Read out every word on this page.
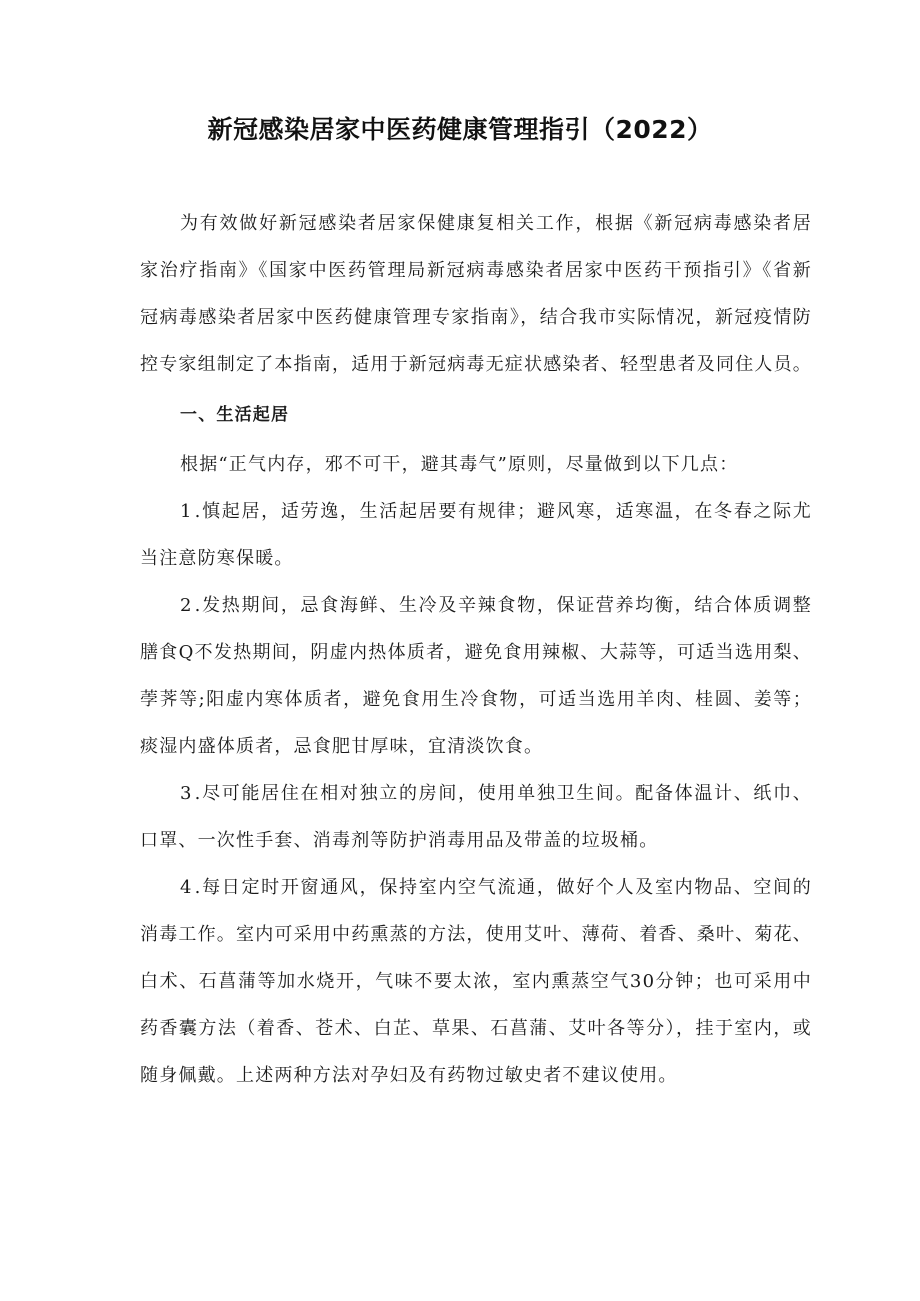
新冠感染居家中医药健康管理指引（2022）

为有效做好新冠感染者居家保健康复相关工作，根据《新冠病毒感染者居家治疗指南》《国家中医药管理局新冠病毒感染者居家中医药干预指引》《省新冠病毒感染者居家中医药健康管理专家指南》，结合我市实际情况，新冠疫情防控专家组制定了本指南，适用于新冠病毒无症状感染者、轻型患者及同住人员。

一、生活起居

根据“正气内存，邪不可干，避其毒气”原则，尽量做到以下几点：

1 .慎起居，适劳逸，生活起居要有规律；避风寒，适寒温，在冬春之际尤当注意防寒保暖。

2 .发热期间，忌食海鲜、生冷及辛辣食物，保证营养均衡，结合体质调整膳食Q不发热期间，阴虚内热体质者，避免食用辣椒、大蒜等，可适当选用梨、荸荠等;阳虚内寒体质者，避免食用生冷食物，可适当选用羊肉、桂圆、姜等；痰湿内盛体质者，忌食肥甘厚味，宜清淡饮食。

3 .尽可能居住在相对独立的房间，使用单独卫生间。配备体温计、纸巾、口罩、一次性手套、消毒剂等防护消毒用品及带盖的垃圾桶。

4 .每日定时开窗通风，保持室内空气流通，做好个人及室内物品、空间的消毒工作。室内可采用中药熏蒸的方法，使用艾叶、薄荷、着香、桑叶、菊花、白术、石菖蒲等加水烧开，气味不要太浓，室内熏蒸空气30分钟；也可采用中药香囊方法（着香、苍术、白芷、草果、石菖蒲、艾叶各等分），挂于室内，或随身佩戴。上述两种方法对孕妇及有药物过敏史者不建议使用。
